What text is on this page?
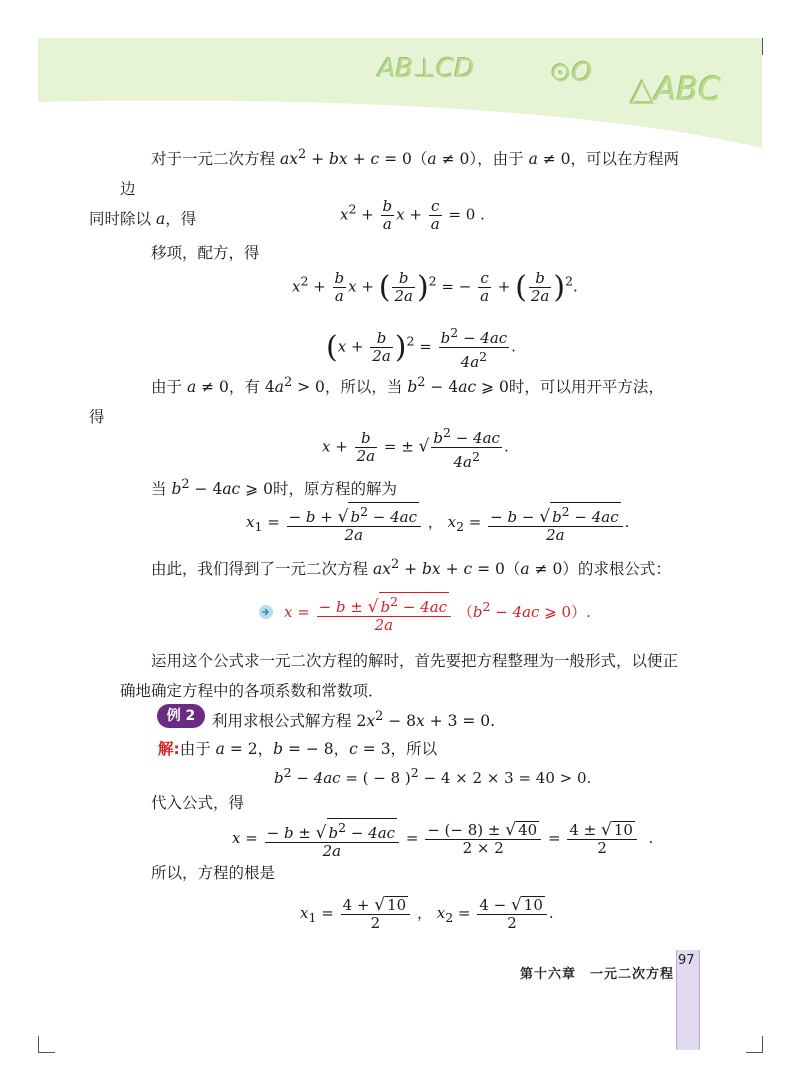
AB⊥CD	⊙O △ABC
对于一元二次方程 $ax^2$ + bx + c = 0（a ≠ 0），由于 a ≠ 0，可以在方程两边
同时除以 a，得	$x^2 + \frac{b}{a}$ $x + \frac{c}{a} = 0$ .
移项，配方，得
$x^2 + \frac{b}{a}$ x + ( $\frac{b}{2a} )^2$ = − $\frac{c}{a}$ + ( $\frac{b}{2a} )^2$.
$(x + \frac{b}{2a} )^2 = \frac{b^2 - 4ac}{4a^2}$ .
由于 a ≠ 0，有 $4a^2 > 0$，所以，当 $b^2 - 4ac$ ⩾ 0时，可以用开平方法，
得
$x + \frac{b}{2a}$ = ± √ $\frac{b^2 - 4ac}{4a^2}$ .
当 $b^2 - 4ac$ ⩾ 0时，原方程的解为
$x_1 = \frac{- b + √ b^2 - 4ac}{2a}$ ， $x_2 = \frac{- b - √ b^2 - 4ac}{2a}$ .
由此，我们得到了一元二次方程 $ax^2$ + bx + c = 0（a ≠ 0）的求根公式：
$x = \frac{- b \pm √ b^2 - 4ac}{2a} (b^2 - 4ac$ ⩾ 0）.
运用这个公式求一元二次方程的解时，首先要把方程整理为一般形式，以便正确地确定方程中的各项系数和常数项．
例 2	利用求根公式解方程 $2x^2 - 8x + 3 = 0$.
解:由于 a = 2，b = − 8，c = 3，所以
$b^2 - 4ac$ = ( − 8 )$^2$ − 4 × 2 × 3 = 40 > 0.
代入公式，得
$x = \frac{- b \pm √ b^2 - 4ac}{2a} = \frac{- (- 8) \pm √ 40}{2 \times 2} = \frac{4 \pm √ 10}{2}$ .
所以，方程的根是
$x_1 = \frac{4 + √ 10}{2}$ ， $x_2 = \frac{4 - √ 10}{2}$ .
第十六章　一元二次方程
97
